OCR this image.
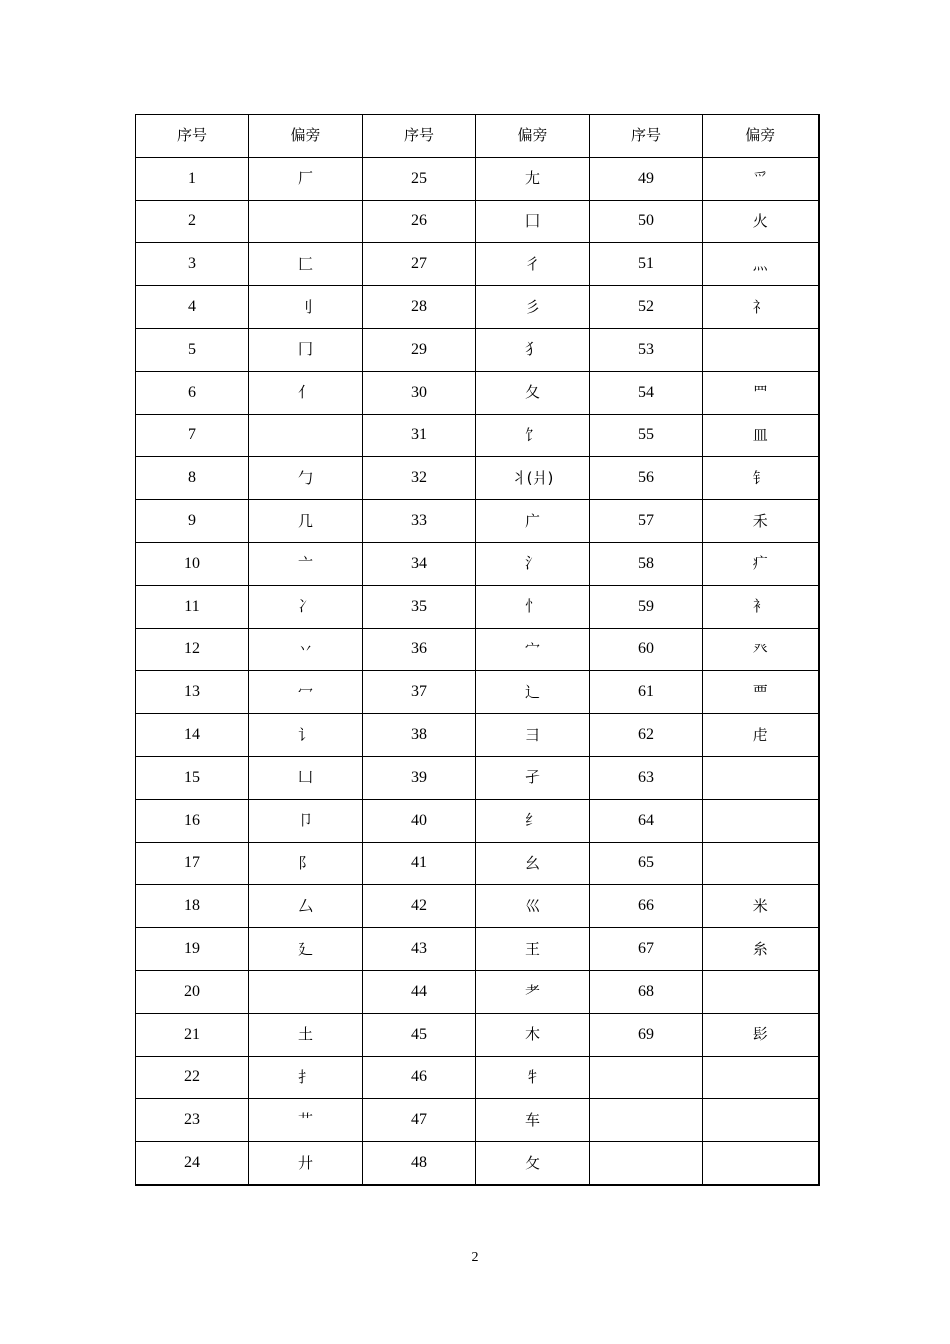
序号	偏旁	序号	偏旁	序号	偏旁
1	厂	25	尢	49	爫
2		26	囗	50	火
3	匚	27	彳	51	灬
4	刂	28	彡	52	礻
5	冂	29	犭	53	
6	亻	30	夂	54	罒
7		31	饣	55	皿
8	勹	32	丬(爿)	56	钅
9	几	33	广	57	禾
10	亠	34	氵	58	疒
11	冫	35	忄	59	衤
12	丷	36	宀	60	癶
13	冖	37	辶	61	覀
14	讠	38	彐	62	虍
15	凵	39	孑	63	
16	卩	40	纟	64	
17	阝	41	幺	65	
18	厶	42	巛	66	米
19	廴	43	王	67	糸
20		44	耂	68	
21	土	45	木	69	髟
22	扌	46	牜		
23	艹	47	车		
24	廾	48	攵		
2
